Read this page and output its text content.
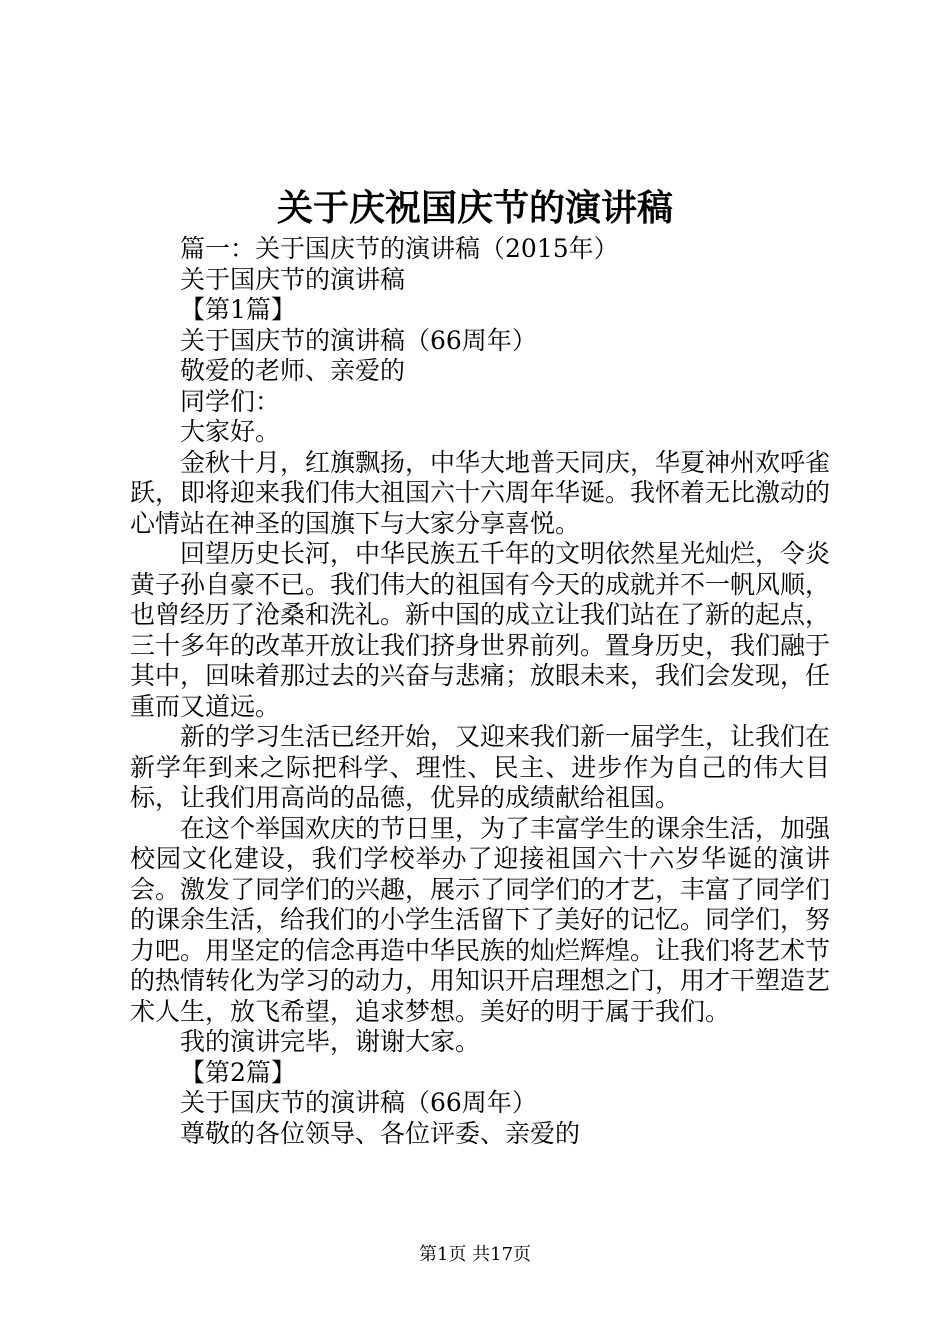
关于庆祝国庆节的演讲稿

篇一：关于国庆节的演讲稿（2015年）

关于国庆节的演讲稿

【第1篇】

关于国庆节的演讲稿（66周年）

敬爱的老师、亲爱的

同学们：

大家好。

金秋十月，红旗飘扬，中华大地普天同庆，华夏神州欢呼雀跃，即将迎来我们伟大祖国六十六周年华诞。我怀着无比激动的心情站在神圣的国旗下与大家分享喜悦。

回望历史长河，中华民族五千年的文明依然星光灿烂，令炎黄子孙自豪不已。我们伟大的祖国有今天的成就并不一帆风顺，也曾经历了沧桑和洗礼。新中国的成立让我们站在了新的起点，三十多年的改革开放让我们挤身世界前列。置身历史，我们融于其中，回味着那过去的兴奋与悲痛；放眼未来，我们会发现，任重而又道远。

新的学习生活已经开始，又迎来我们新一届学生，让我们在新学年到来之际把科学、理性、民主、进步作为自己的伟大目标，让我们用高尚的品德，优异的成绩献给祖国。

在这个举国欢庆的节日里，为了丰富学生的课余生活，加强校园文化建设，我们学校举办了迎接祖国六十六岁华诞的演讲会。激发了同学们的兴趣，展示了同学们的才艺，丰富了同学们的课余生活，给我们的小学生活留下了美好的记忆。同学们，努力吧。用坚定的信念再造中华民族的灿烂辉煌。让我们将艺术节的热情转化为学习的动力，用知识开启理想之门，用才干塑造艺术人生，放飞希望，追求梦想。美好的明于属于我们。

我的演讲完毕，谢谢大家。

【第2篇】

关于国庆节的演讲稿（66周年）

尊敬的各位领导、各位评委、亲爱的

第1页 共17页
